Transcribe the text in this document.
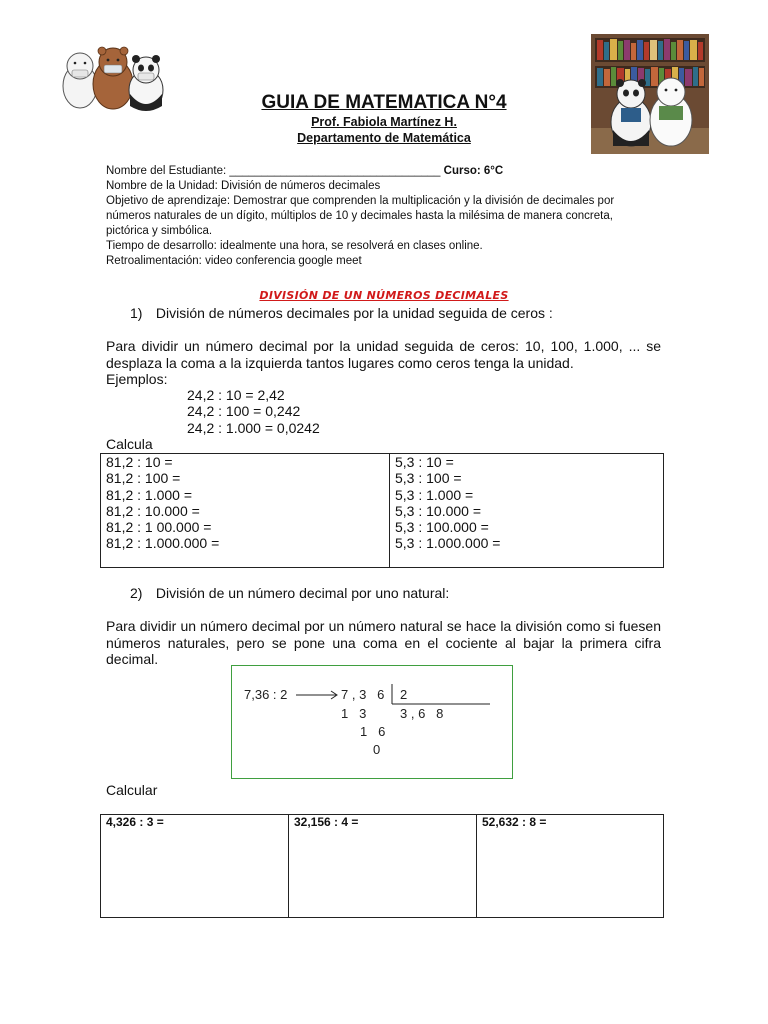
GUIA DE MATEMATICA N°4
Prof. Fabiola Martínez H.
Departamento de Matemática
Nombre del Estudiante: _________________________________ Curso: 6°C
Nombre de la Unidad: División de números decimales
Objetivo de aprendizaje: Demostrar que comprenden la multiplicación y la división de decimales por
números naturales de un dígito, múltiplos de 10 y decimales hasta la milésima de manera concreta,
pictórica y simbólica.
Tiempo de desarrollo: idealmente una hora, se resolverá en clases online.
Retroalimentación: video conferencia google meet
DIVISIÓN DE UN NÚMEROS DECIMALES
1) División de números decimales por la unidad seguida de ceros :
Para dividir un número decimal por la unidad seguida de ceros: 10, 100, 1.000, ... se desplaza la coma a la izquierda tantos lugares como ceros tenga la unidad.
Ejemplos:
24,2 : 10 = 2,42
24,2 : 100 = 0,242
24,2 : 1.000 = 0,0242
Calcula
81,2 : 10 =
81,2 : 100 =
81,2 : 1.000 =
81,2 : 10.000 =
81,2 : 1 00.000 =
81,2 : 1.000.000 =

5,3 : 10 =
5,3 : 100 =
5,3 : 1.000 =
5,3 : 10.000 =
5,3 : 100.000 =
5,3 : 1.000.000 =
2) División de un número decimal por uno natural:
Para dividir un número decimal por un número natural se hace la división como si fuesen números naturales, pero se pone una coma en el cociente al bajar la primera cifra decimal.
7,36 : 2	7 , 3   6 2
1   3	3 , 6   8
1   6
0
Calcular
4,326 : 3 =	32,156 : 4 =	52,632 : 8 =
